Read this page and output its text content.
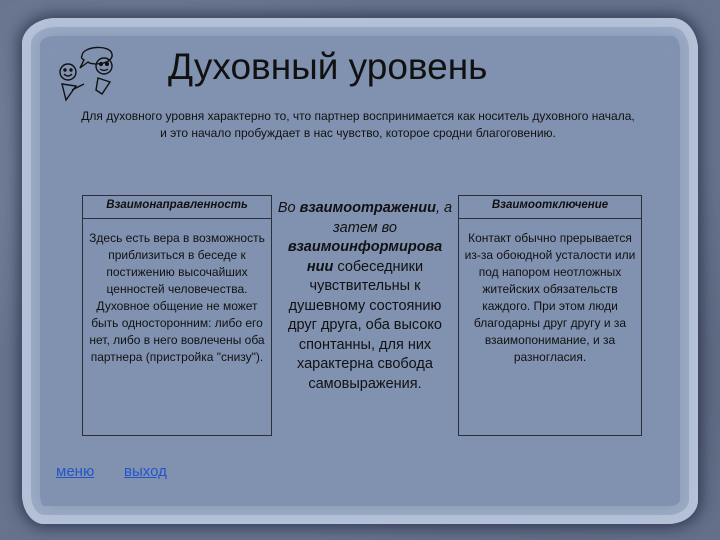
Духовный уровень
Для духовного уровня характерно то, что партнер воспринимается как носитель духовного начала, и это начало пробуждает в нас чувство, которое сродни благоговению.
Взаимонаправленность
Здесь есть вера в возможность приблизиться в беседе к постижению высочайших ценностей человечества. Духовное общение не может быть односторонним: либо его нет, либо в него вовлечены оба партнера (пристройка "снизу").
Во взаимоотражении, а затем во взаимоинформирова нии собеседники чувствительны к душевному состоянию друг друга, оба высоко спонтанны, для них характерна свобода самовыражения.
Взаимоотключение
Контакт обычно прерывается из-за обоюдной усталости или под напором неотложных житейских обязательств каждого. При этом люди благодарны друг другу и за взаимопонимание, и за разногласия.
меню выход
